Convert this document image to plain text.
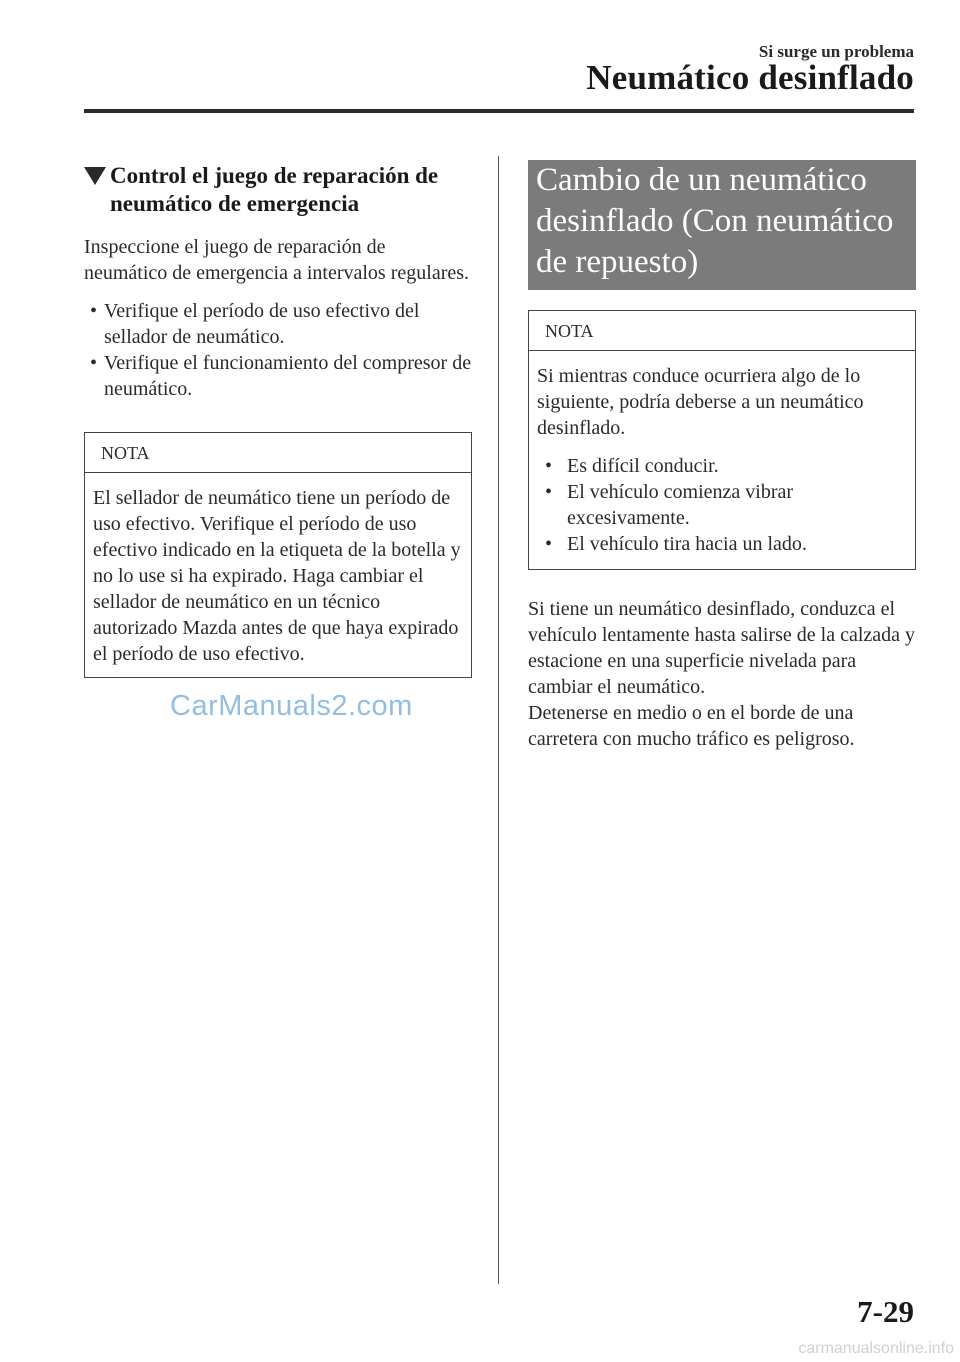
Si surge un problema
Neumático desinflado
Control el juego de reparación de neumático de emergencia
Inspeccione el juego de reparación de neumático de emergencia a intervalos regulares.
• Verifique el período de uso efectivo del sellador de neumático.
• Verifique el funcionamiento del compresor de neumático.
NOTA
El sellador de neumático tiene un período de uso efectivo. Verifique el período de uso efectivo indicado en la etiqueta de la botella y no lo use si ha expirado. Haga cambiar el sellador de neumático en un técnico autorizado Mazda antes de que haya expirado el período de uso efectivo.
Cambio de un neumático desinflado (Con neumático de repuesto)
NOTA
Si mientras conduce ocurriera algo de lo siguiente, podría deberse a un neumático desinflado.
• Es difícil conducir.
• El vehículo comienza vibrar excesivamente.
• El vehículo tira hacia un lado.
Si tiene un neumático desinflado, conduzca el vehículo lentamente hasta salirse de la calzada y estacione en una superficie nivelada para cambiar el neumático.
Detenerse en medio o en el borde de una carretera con mucho tráfico es peligroso.
CarManuals2.com
7-29
carmanualsonline.info
